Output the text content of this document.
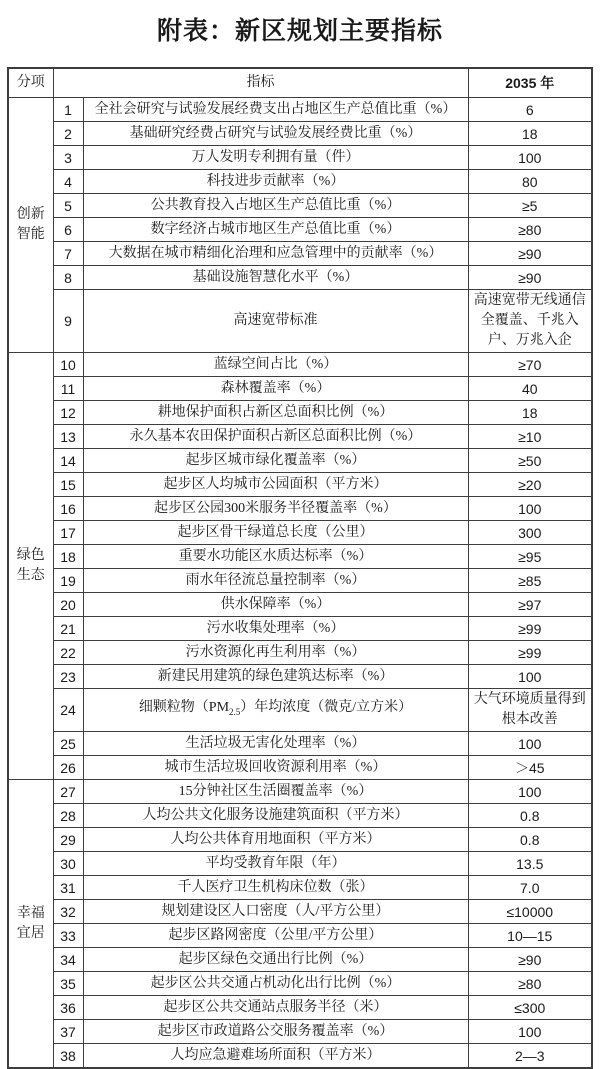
附表：新区规划主要指标
分项	指标		2035 年

创新
智能	1	全社会研究与试验发展经费支出占地区生产总值比重（%）	6
	2	基础研究经费占研究与试验发展经费比重（%）	18
	3	万人发明专利拥有量（件）	100
	4	科技进步贡献率（%）	80
	5	公共教育投入占地区生产总值比重（%）	≥5
	6	数字经济占城市地区生产总值比重（%）	≥80
	7	大数据在城市精细化治理和应急管理中的贡献率（%）	≥90
	8	基础设施智慧化水平（%）	≥90
	9	高速宽带标准	高速宽带无线通信全覆盖、千兆入户、万兆入企

绿色
生态	10	蓝绿空间占比（%）	≥70
	11	森林覆盖率（%）	40
	12	耕地保护面积占新区总面积比例（%）	18
	13	永久基本农田保护面积占新区总面积比例（%）	≥10
	14	起步区城市绿化覆盖率（%）	≥50
	15	起步区人均城市公园面积（平方米）	≥20
	16	起步区公园300米服务半径覆盖率（%）	100
	17	起步区骨干绿道总长度（公里）	300
	18	重要水功能区水质达标率（%）	≥95
	19	雨水年径流总量控制率（%）	≥85
	20	供水保障率（%）	≥97
	21	污水收集处理率（%）	≥99
	22	污水资源化再生利用率（%）	≥99
	23	新建民用建筑的绿色建筑达标率（%）	100
	24	细颗粒物$(PM_{2.5})$年均浓度（微克/立方米）	大气环境质量得到根本改善
	25	生活垃圾无害化处理率（%）	100
	26	城市生活垃圾回收资源利用率（%）	＞45

幸福
宜居	27	15分钟社区生活圈覆盖率（%）	100
	28	人均公共文化服务设施建筑面积（平方米）	0.8
	29	人均公共体育用地面积（平方米）	0.8
	30	平均受教育年限（年）	13.5
	31	千人医疗卫生机构床位数（张）	7.0
	32	规划建设区人口密度（人/平方公里）	≤10000
	33	起步区路网密度（公里/平方公里）	10—15
	34	起步区绿色交通出行比例（%）	≥90
	35	起步区公共交通占机动化出行比例（%）	≥80
	36	起步区公共交通站点服务半径（米）	≤300
	37	起步区市政道路公交服务覆盖率（%）	100
	38	人均应急避难场所面积（平方米）	2—3
